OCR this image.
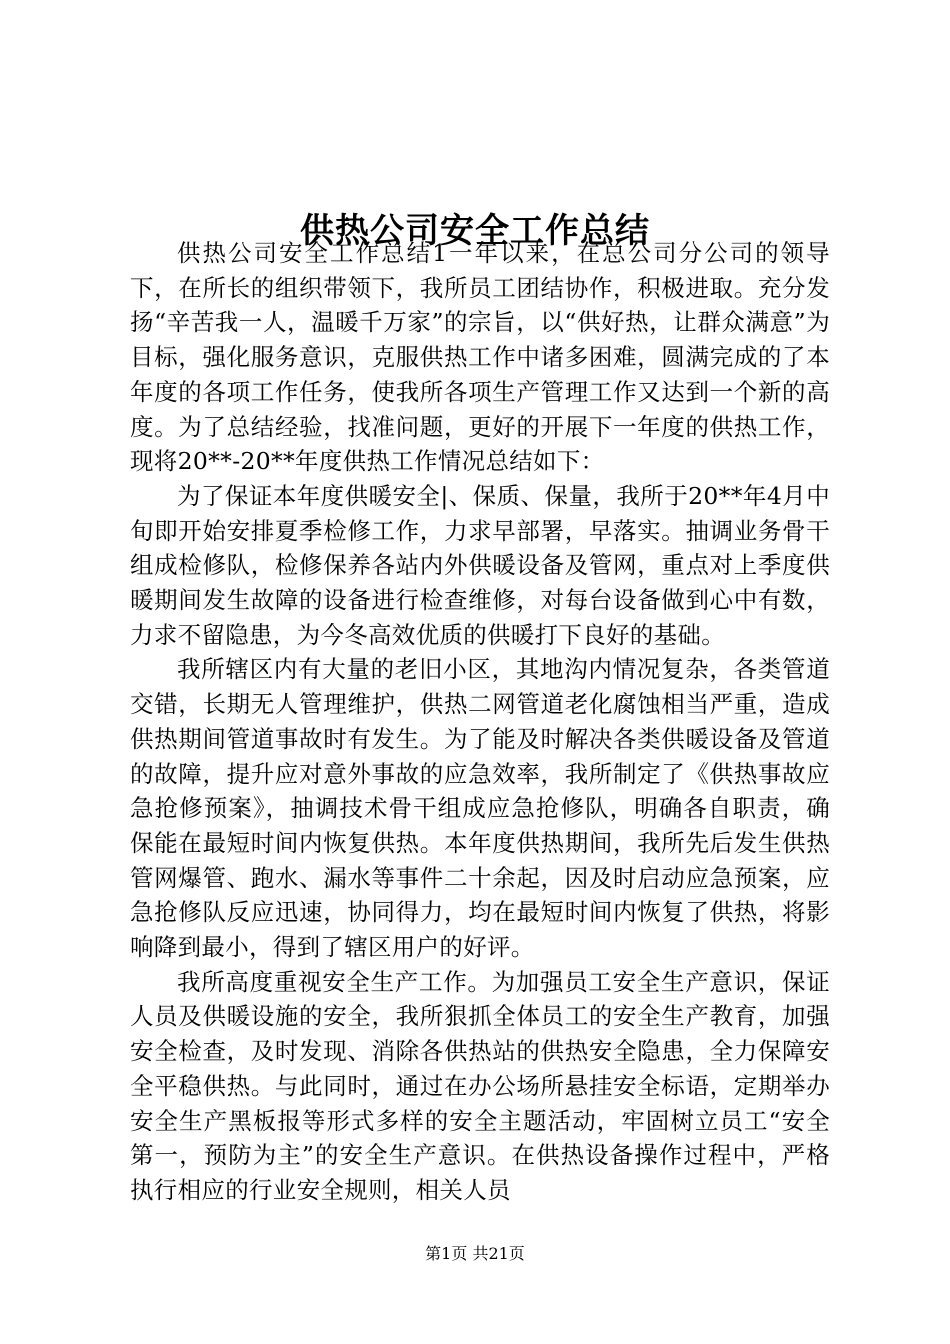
供热公司安全工作总结

供热公司安全工作总结1一年以来，在总公司分公司的领导下，在所长的组织带领下，我所员工团结协作，积极进取。充分发扬“辛苦我一人，温暖千万家”的宗旨，以“供好热，让群众满意”为目标，强化服务意识，克服供热工作中诸多困难，圆满完成的了本年度的各项工作任务，使我所各项生产管理工作又达到一个新的高度。为了总结经验，找准问题，更好的开展下一年度的供热工作，现将20**-20**年度供热工作情况总结如下：

为了保证本年度供暖安全|、保质、保量，我所于20**年4月中旬即开始安排夏季检修工作，力求早部署，早落实。抽调业务骨干组成检修队，检修保养各站内外供暖设备及管网，重点对上季度供暖期间发生故障的设备进行检查维修，对每台设备做到心中有数，力求不留隐患，为今冬高效优质的供暖打下良好的基础。

我所辖区内有大量的老旧小区，其地沟内情况复杂，各类管道交错，长期无人管理维护，供热二网管道老化腐蚀相当严重，造成供热期间管道事故时有发生。为了能及时解决各类供暖设备及管道的故障，提升应对意外事故的应急效率，我所制定了《供热事故应急抢修预案》，抽调技术骨干组成应急抢修队，明确各自职责，确保能在最短时间内恢复供热。本年度供热期间，我所先后发生供热管网爆管、跑水、漏水等事件二十余起，因及时启动应急预案，应急抢修队反应迅速，协同得力，均在最短时间内恢复了供热，将影响降到最小，得到了辖区用户的好评。

我所高度重视安全生产工作。为加强员工安全生产意识，保证人员及供暖设施的安全，我所狠抓全体员工的安全生产教育，加强安全检查，及时发现、消除各供热站的供热安全隐患，全力保障安全平稳供热。与此同时，通过在办公场所悬挂安全标语，定期举办安全生产黑板报等形式多样的安全主题活动，牢固树立员工“安全第一，预防为主”的安全生产意识。在供热设备操作过程中，严格执行相应的行业安全规则，相关人员

第1页 共21页
